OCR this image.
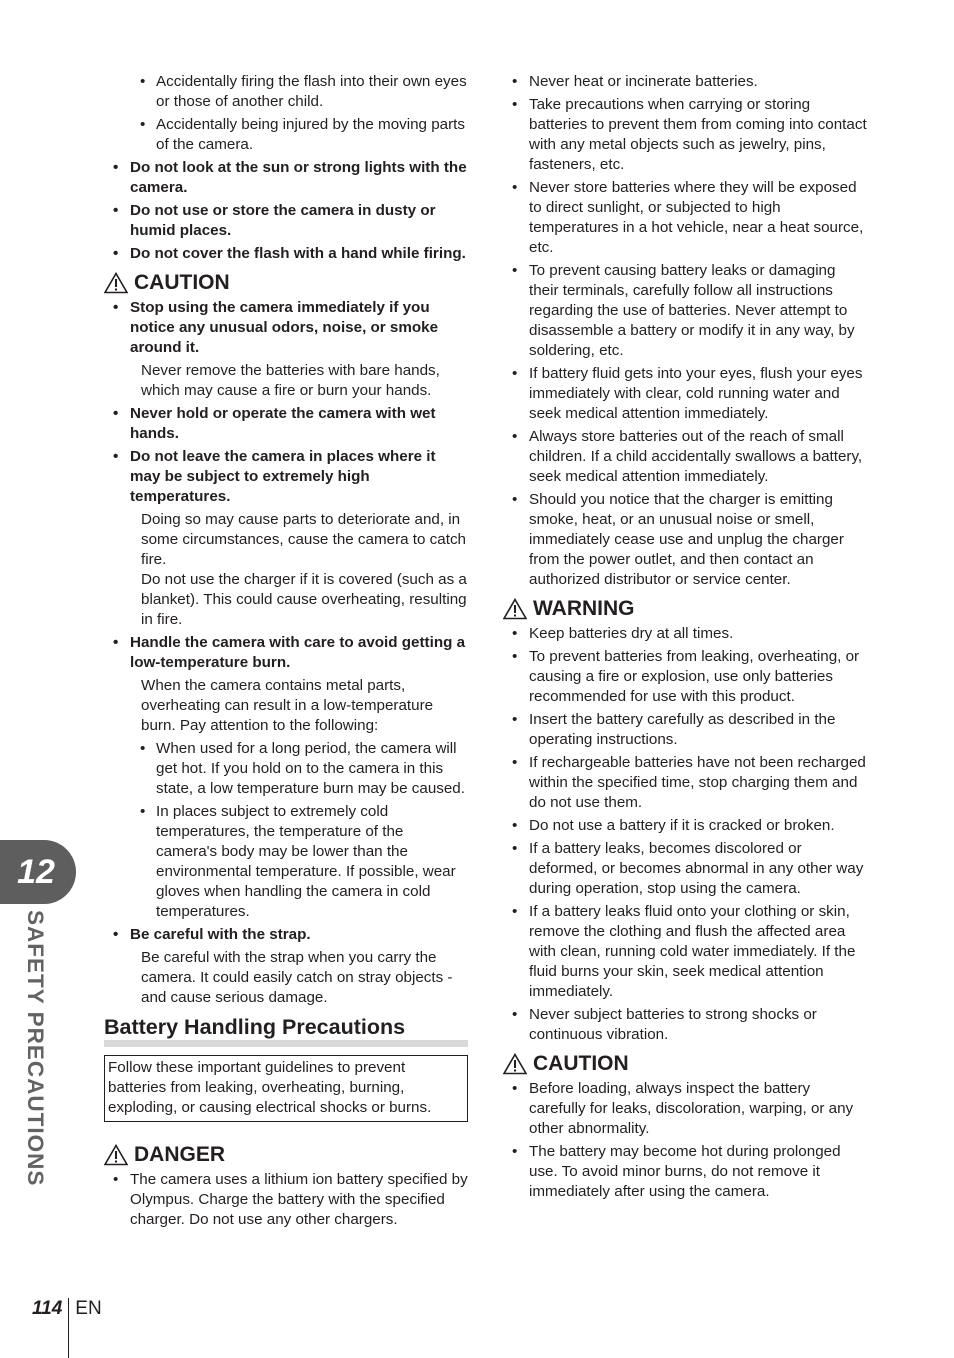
• Accidentally firing the flash into their own eyes or those of another child.
• Accidentally being injured by the moving parts of the camera.
• Do not look at the sun or strong lights with the camera.
• Do not use or store the camera in dusty or humid places.
• Do not cover the flash with a hand while firing.
CAUTION
• Stop using the camera immediately if you notice any unusual odors, noise, or smoke around it.
Never remove the batteries with bare hands, which may cause a fire or burn your hands.
• Never hold or operate the camera with wet hands.
• Do not leave the camera in places where it may be subject to extremely high temperatures.
Doing so may cause parts to deteriorate and, in some circumstances, cause the camera to catch fire.
Do not use the charger if it is covered (such as a blanket). This could cause overheating, resulting in fire.
• Handle the camera with care to avoid getting a low-temperature burn.
When the camera contains metal parts, overheating can result in a low-temperature burn. Pay attention to the following:
• When used for a long period, the camera will get hot. If you hold on to the camera in this state, a low temperature burn may be caused.
• In places subject to extremely cold temperatures, the temperature of the camera's body may be lower than the environmental temperature. If possible, wear gloves when handling the camera in cold temperatures.
• Be careful with the strap.
Be careful with the strap when you carry the camera. It could easily catch on stray objects - and cause serious damage.
Battery Handling Precautions
Follow these important guidelines to prevent batteries from leaking, overheating, burning, exploding, or causing electrical shocks or burns.
DANGER
• The camera uses a lithium ion battery specified by Olympus. Charge the battery with the specified charger. Do not use any other chargers.
• Never heat or incinerate batteries.
• Take precautions when carrying or storing batteries to prevent them from coming into contact with any metal objects such as jewelry, pins, fasteners, etc.
• Never store batteries where they will be exposed to direct sunlight, or subjected to high temperatures in a hot vehicle, near a heat source, etc.
• To prevent causing battery leaks or damaging their terminals, carefully follow all instructions regarding the use of batteries. Never attempt to disassemble a battery or modify it in any way, by soldering, etc.
• If battery fluid gets into your eyes, flush your eyes immediately with clear, cold running water and seek medical attention immediately.
• Always store batteries out of the reach of small children. If a child accidentally swallows a battery, seek medical attention immediately.
• Should you notice that the charger is emitting smoke, heat, or an unusual noise or smell, immediately cease use and unplug the charger from the power outlet, and then contact an authorized distributor or service center.
WARNING
• Keep batteries dry at all times.
• To prevent batteries from leaking, overheating, or causing a fire or explosion, use only batteries recommended for use with this product.
• Insert the battery carefully as described in the operating instructions.
• If rechargeable batteries have not been recharged within the specified time, stop charging them and do not use them.
• Do not use a battery if it is cracked or broken.
• If a battery leaks, becomes discolored or deformed, or becomes abnormal in any other way during operation, stop using the camera.
• If a battery leaks fluid onto your clothing or skin, remove the clothing and flush the affected area with clean, running cold water immediately. If the fluid burns your skin, seek medical attention immediately.
• Never subject batteries to strong shocks or continuous vibration.
CAUTION
• Before loading, always inspect the battery carefully for leaks, discoloration, warping, or any other abnormality.
• The battery may become hot during prolonged use. To avoid minor burns, do not remove it immediately after using the camera.
12
SAFETY PRECAUTIONS
114 EN
